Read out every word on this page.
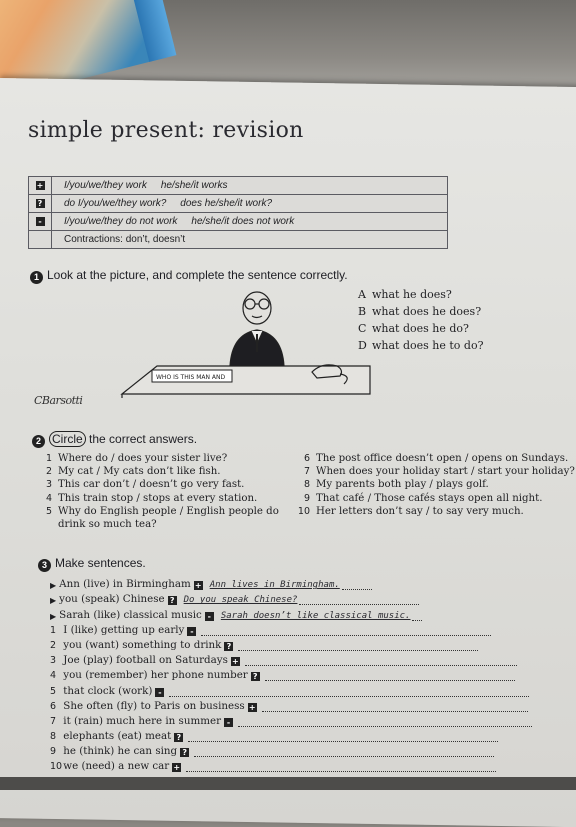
simple present: revision
+	I/you/we/they work he/she/it works
?	do I/you/we/they work? does he/she/it work?
-	I/you/we/they do not work he/she/it does not work
Contractions: don’t, doesn’t
1 Look at the picture, and complete the sentence correctly.
WHO IS THIS MAN AND
A what he does?
B what does he does?
C what does he do?
D what does he to do?
CBarsotti
2 Circle the correct answers.
1 Where do / does your sister live?
2 My cat / My cats don’t like fish.
3 This car don’t / doesn’t go very fast.
4 This train stop / stops at every station.
5 Why do English people / English people do
drink so much tea?
6 The post office doesn’t open / opens on Sundays.
7 When does your holiday start / start your holiday?
8 My parents both play / plays golf.
9 That café / Those cafés stays open all night.
10 Her letters don’t say / to say very much.
3 Make sentences.
▶ Ann (live) in Birmingham + Ann lives in Birmingham.
▶ you (speak) Chinese ? Do you speak Chinese?
▶ Sarah (like) classical music -	Sarah doesn’t like classical music.
1
I (like) getting up early -
2
you (want) something to drink ?
3
Joe (play) football on Saturdays +
4
you (remember) her phone number ?
5
that clock (work) -
6
She often (fly) to Paris on business +
7
it (rain) much here in summer -
8
elephants (eat) meat ?
9
he (think) he can sing ?
10
we (need) a new car +
